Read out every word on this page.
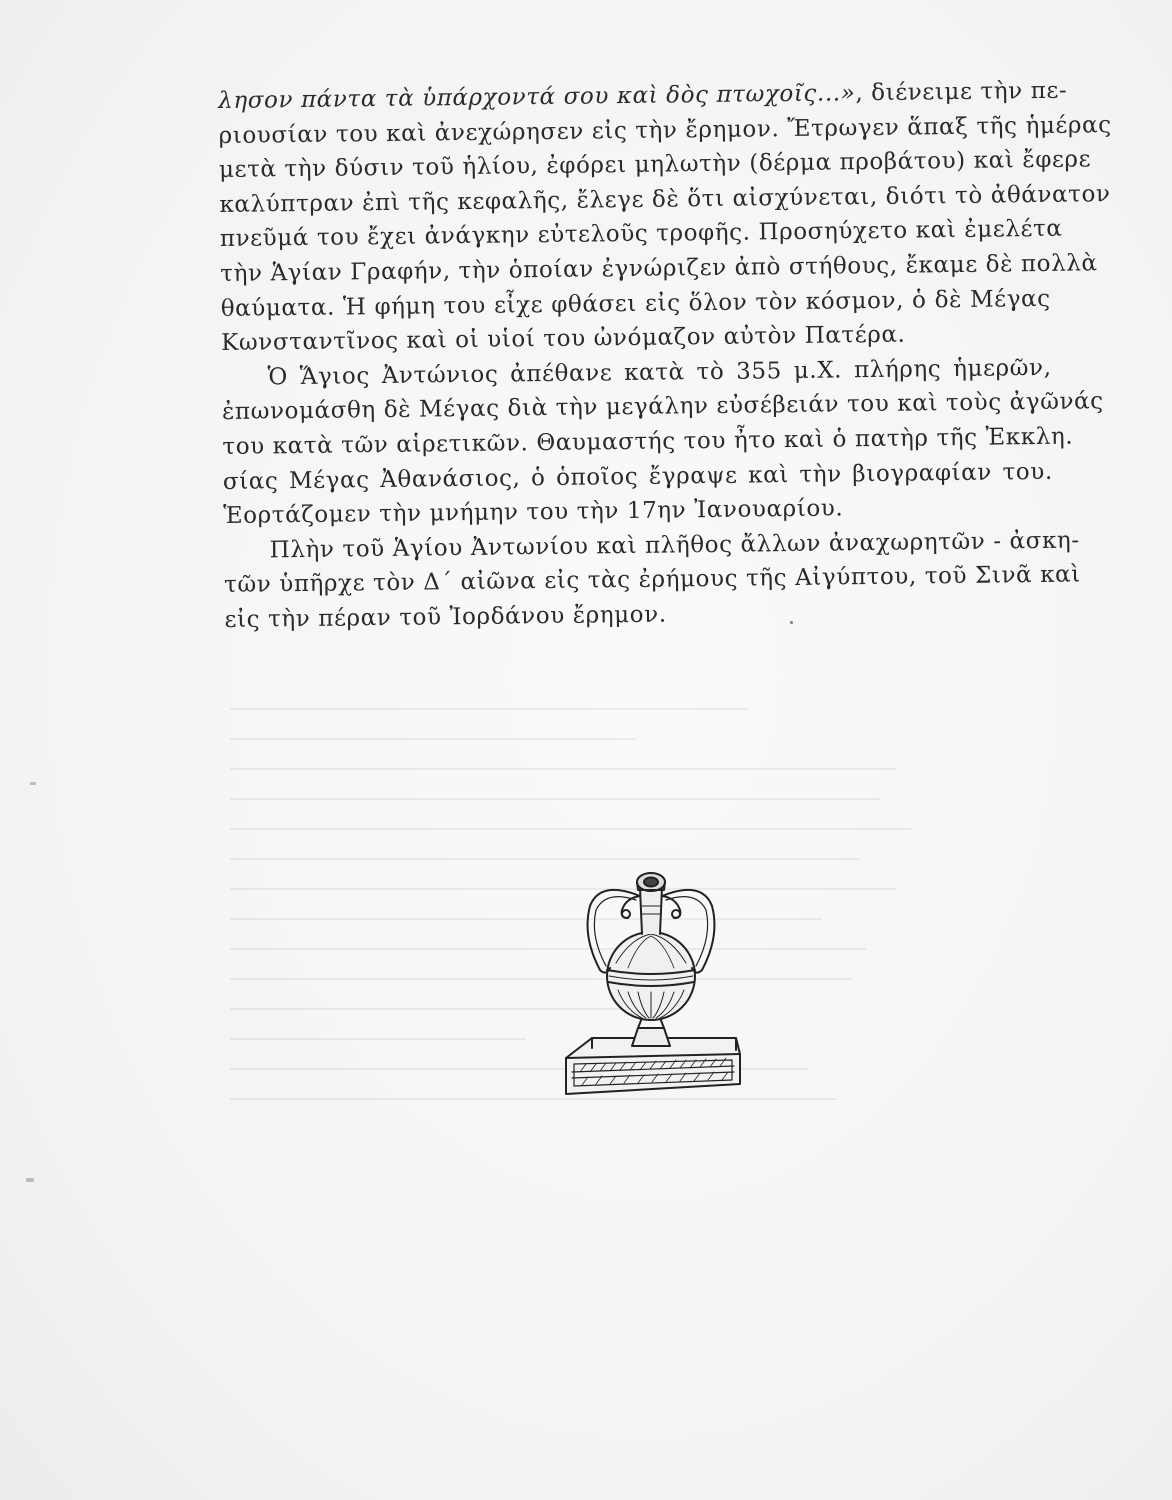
λησον πάντα τὰ ὑπάρχοντά σου καὶ δὸς πτωχοῖς...», διένειμε τὴν πε-
ριουσίαν του καὶ ἀνεχώρησεν εἰς τὴν ἔρημον. Ἔτρωγεν ἅπαξ τῆς ἡμέρας
μετὰ τὴν δύσιν τοῦ ἡλίου, ἐφόρει μηλωτὴν (δέρμα προβάτου) καὶ ἔφερε
καλύπτραν ἐπὶ τῆς κεφαλῆς, ἔλεγε δὲ ὅτι αἰσχύνεται, διότι τὸ ἀθάνατον
πνεῦμά του ἔχει ἀνάγκην εὐτελοῦς τροφῆς. Προσηύχετο καὶ ἐμελέτα
τὴν Ἁγίαν Γραφήν, τὴν ὁποίαν ἐγνώριζεν ἀπὸ στήθους, ἔκαμε δὲ πολλὰ
θαύματα. Ἡ φήμη του εἶχε φθάσει εἰς ὅλον τὸν κόσμον, ὁ δὲ Μέγας
Κωνσταντῖνος καὶ οἱ υἱοί του ὠνόμαζον αὐτὸν Πατέρα.
Ὁ Ἅγιος Ἀντώνιος ἀπέθανε κατὰ τὸ 355 μ.Χ. πλήρης ἡμερῶν,
ἐπωνομάσθη δὲ Μέγας διὰ τὴν μεγάλην εὐσέβειάν του καὶ τοὺς ἀγῶνάς
του κατὰ τῶν αἱρετικῶν. Θαυμαστής του ἦτο καὶ ὁ πατὴρ τῆς Ἐκκλη.
σίας Μέγας Ἀθανάσιος, ὁ ὁποῖος ἔγραψε καὶ τὴν βιογραφίαν του.
Ἑορτάζομεν τὴν μνήμην του τὴν 17ην Ἰανουαρίου.
Πλὴν τοῦ Ἁγίου Ἀντωνίου καὶ πλῆθος ἄλλων ἀναχωρητῶν - ἀσκη-
τῶν ὑπῆρχε τὸν Δ΄ αἰῶνα εἰς τὰς ἐρήμους τῆς Αἰγύπτου, τοῦ Σινᾶ καὶ
εἰς τὴν πέραν τοῦ Ἰορδάνου ἔρημον.
